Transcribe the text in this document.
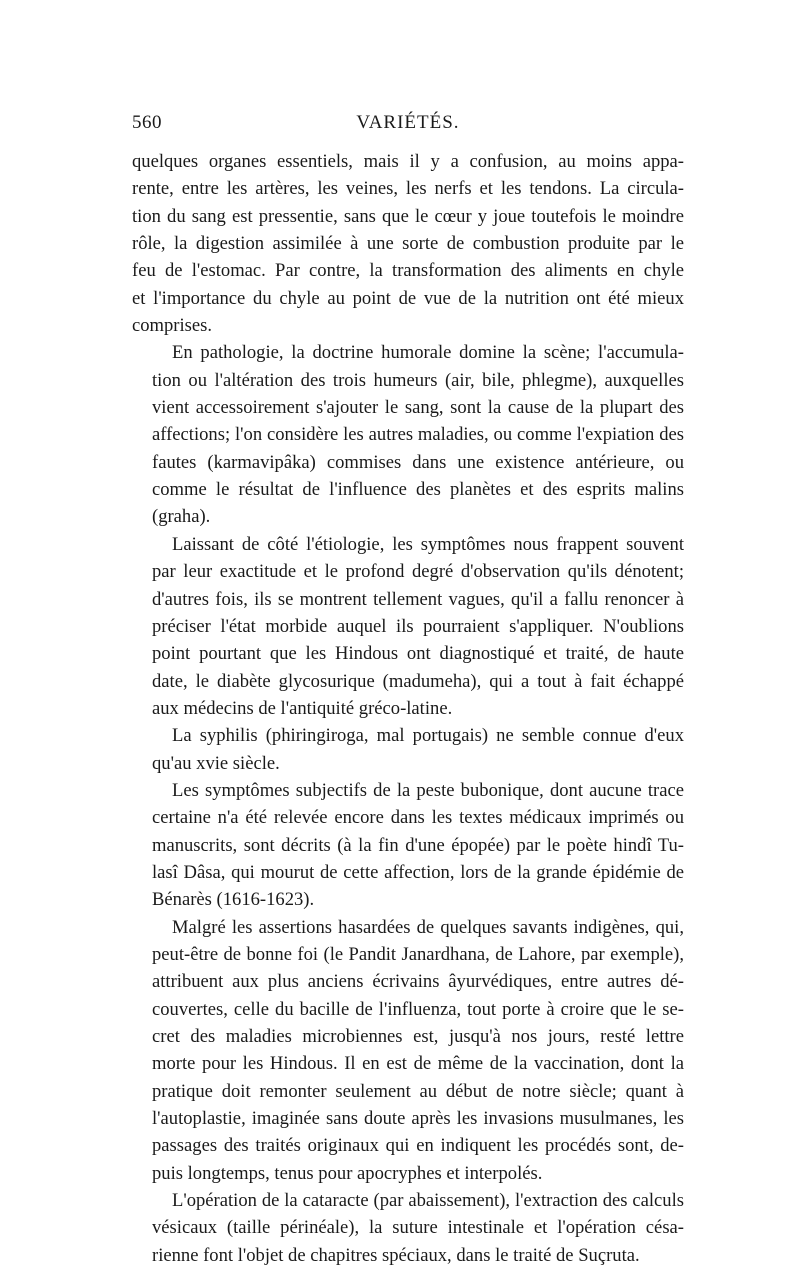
560	VARIÉTÉS.
quelques organes essentiels, mais il y a confusion, au moins appa-
rente, entre les artères, les veines, les nerfs et les tendons. La circula-
tion du sang est pressentie, sans que le cœur y joue toutefois le moindre
rôle, la digestion assimilée à une sorte de combustion produite par le
feu de l'estomac. Par contre, la transformation des aliments en chyle
et l'importance du chyle au point de vue de la nutrition ont été mieux
comprises.
En pathologie, la doctrine humorale domine la scène; l'accumula-
tion ou l'altération des trois humeurs (air, bile, phlegme), auxquelles
vient accessoirement s'ajouter le sang, sont la cause de la plupart des
affections; l'on considère les autres maladies, ou comme l'expiation des
fautes (karmavipâka) commises dans une existence antérieure, ou
comme le résultat de l'influence des planètes et des esprits malins
(graha).
Laissant de côté l'étiologie, les symptômes nous frappent souvent
par leur exactitude et le profond degré d'observation qu'ils dénotent;
d'autres fois, ils se montrent tellement vagues, qu'il a fallu renoncer à
préciser l'état morbide auquel ils pourraient s'appliquer. N'oublions
point pourtant que les Hindous ont diagnostiqué et traité, de haute
date, le diabète glycosurique (madumeha), qui a tout à fait échappé
aux médecins de l'antiquité gréco-latine.
La syphilis (phiringiroga, mal portugais) ne semble connue d'eux
qu'au xvie siècle.
Les symptômes subjectifs de la peste bubonique, dont aucune trace
certaine n'a été relevée encore dans les textes médicaux imprimés ou
manuscrits, sont décrits (à la fin d'une épopée) par le poète hindî Tu-
lasî Dâsa, qui mourut de cette affection, lors de la grande épidémie de
Bénarès (1616-1623).
Malgré les assertions hasardées de quelques savants indigènes, qui,
peut-être de bonne foi (le Pandit Janardhana, de Lahore, par exemple),
attribuent aux plus anciens écrivains âyurvédiques, entre autres dé-
couvertes, celle du bacille de l'influenza, tout porte à croire que le se-
cret des maladies microbiennes est, jusqu'à nos jours, resté lettre
morte pour les Hindous. Il en est de même de la vaccination, dont la
pratique doit remonter seulement au début de notre siècle; quant à
l'autoplastie, imaginée sans doute après les invasions musulmanes, les
passages des traités originaux qui en indiquent les procédés sont, de-
puis longtemps, tenus pour apocryphes et interpolés.
L'opération de la cataracte (par abaissement), l'extraction des calculs
vésicaux (taille périnéale), la suture intestinale et l'opération césa-
rienne font l'objet de chapitres spéciaux, dans le traité de Suçruta.
